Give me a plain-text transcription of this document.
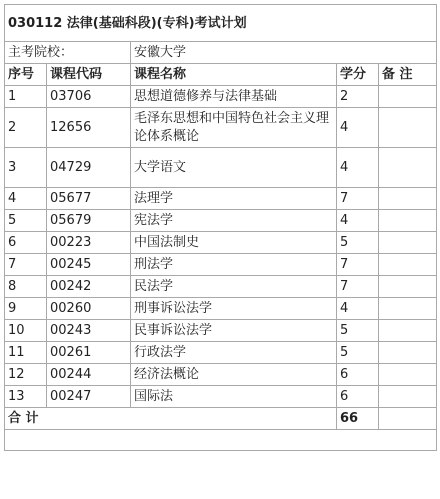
030112 法律(基础科段)(专科)考试计划				
主考院校：		安徽大学		
序号	课程代码	课程名称	学分	备 注
1	03706	思想道德修养与法律基础	2	
2	12656	毛泽东思想和中国特色社会主义理论体系概论	4	
3	04729	大学语文	4	
4	05677	法理学	7	
5	05679	宪法学	4	
6	00223	中国法制史	5	
7	00245	刑法学	7	
8	00242	民法学	7	
9	00260	刑事诉讼法学	4	
10	00243	民事诉讼法学	5	
11	00261	行政法学	5	
12	00244	经济法概论	6	
13	00247	国际法	6	
合 计			66	
